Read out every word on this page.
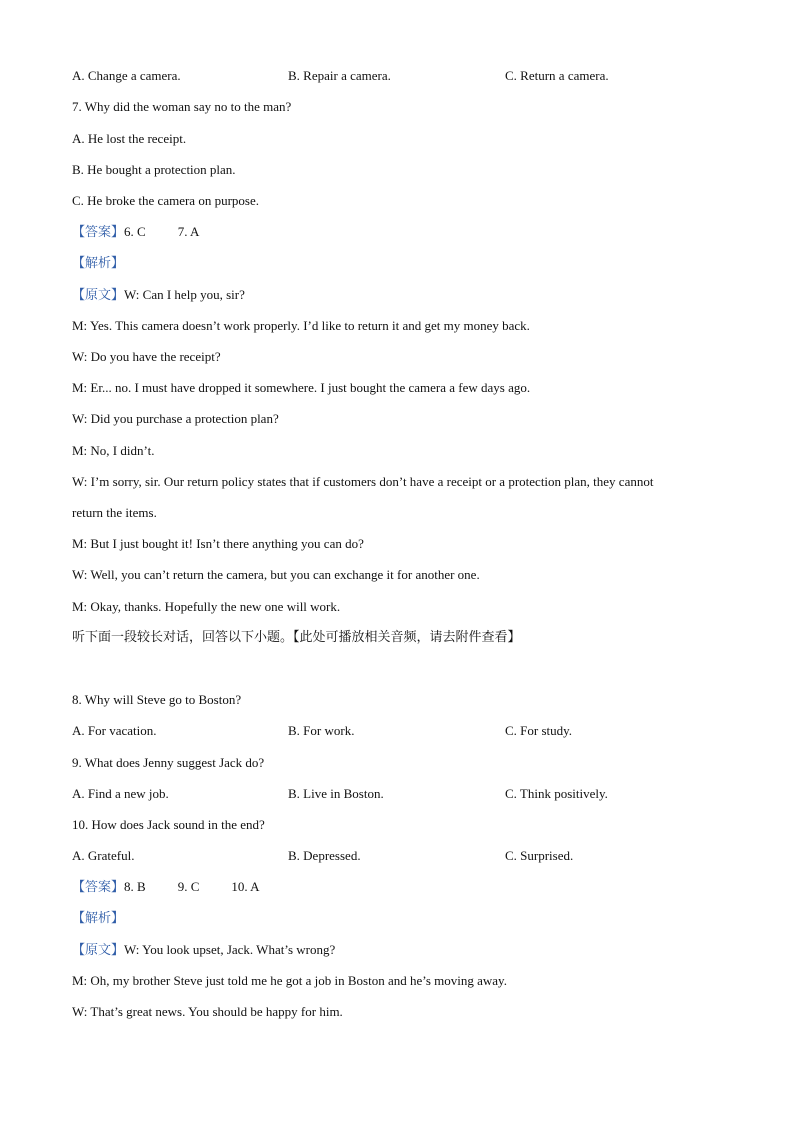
A. Change a camera.	B. Repair a camera.	C. Return a camera.
7. Why did the woman say no to the man?
A. He lost the receipt.
B. He bought a protection plan.
C. He broke the camera on purpose.
【答案】6. C 7. A
【解析】
【原文】W: Can I help you, sir?
M: Yes. This camera doesn’t work properly. I’d like to return it and get my money back.
W: Do you have the receipt?
M: Er... no. I must have dropped it somewhere. I just bought the camera a few days ago.
W: Did you purchase a protection plan?
M: No, I didn’t.
W: I’m sorry, sir. Our return policy states that if customers don’t have a receipt or a protection plan, they cannot
return the items.
M: But I just bought it! Isn’t there anything you can do?
W: Well, you can’t return the camera, but you can exchange it for another one.
M: Okay, thanks. Hopefully the new one will work.
听下面一段较长对话，回答以下小题。【此处可播放相关音频，请去附件查看】
8. Why will Steve go to Boston?
A. For vacation.	B. For work.	C. For study.
9. What does Jenny suggest Jack do?
A. Find a new job.	B. Live in Boston.	C. Think positively.
10. How does Jack sound in the end?
A. Grateful.	B. Depressed.	C. Surprised.
【答案】8. B 9. C 10. A
【解析】
【原文】W: You look upset, Jack. What’s wrong?
M: Oh, my brother Steve just told me he got a job in Boston and he’s moving away.
W: That’s great news. You should be happy for him.
